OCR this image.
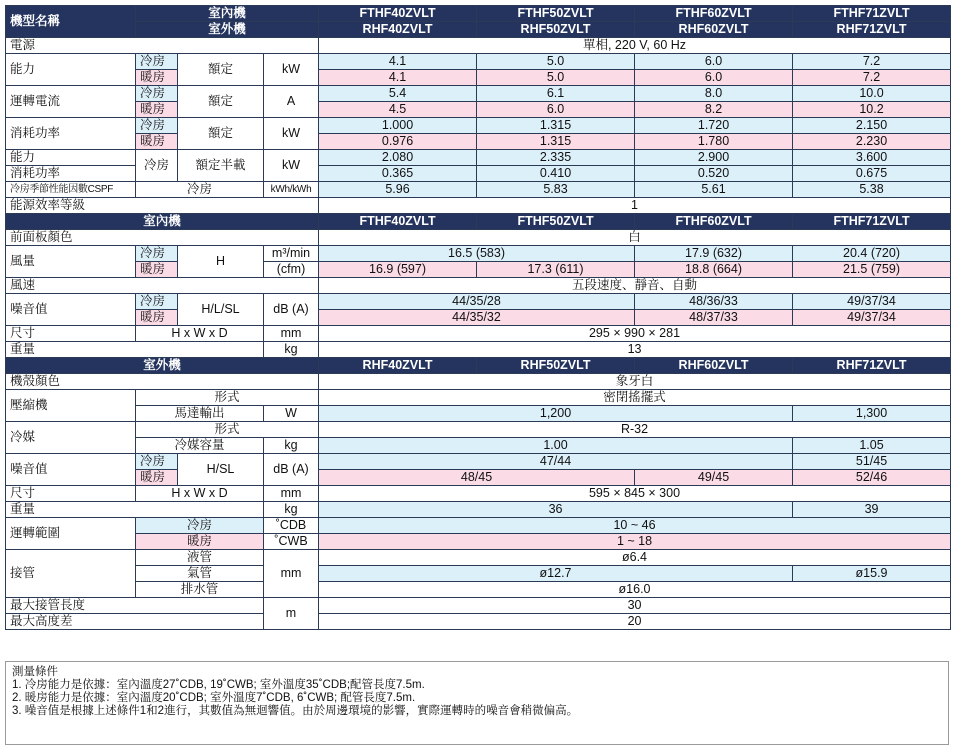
機型名稱	室內機			FTHF40ZVLT	FTHF50ZVLT	FTHF60ZVLT	FTHF71ZVLT
	室外機			RHF40ZVLT	RHF50ZVLT	RHF60ZVLT	RHF71ZVLT
電源				單相, 220 V, 60 Hz			
能力	冷房	額定	kW	4.1	5.0	6.0	7.2
	暖房			4.1	5.0	6.0	7.2
運轉電流	冷房	額定	A	5.4	6.1	8.0	10.0
	暖房			4.5	6.0	8.2	10.2
消耗功率	冷房	額定	kW	1.000	1.315	1.720	2.150
	暖房			0.976	1.315	1.780	2.230
能力	冷房	額定半載	kW	2.080	2.335	2.900	3.600
消耗功率				0.365	0.410	0.520	0.675
冷房季節性能因數CSPF	冷房		kWh/kWh	5.96	5.83	5.61	5.38
能源效率等級				1			
室內機				FTHF40ZVLT	FTHF50ZVLT	FTHF60ZVLT	FTHF71ZVLT
前面板顏色				白			
風量	冷房	H	m³/min	16.5 (583)		17.9 (632)	20.4 (720)
	暖房		(cfm)	16.9 (597)	17.3 (611)	18.8 (664)	21.5 (759)
風速				五段速度、靜音、自動			
噪音值	冷房	H/L/SL	dB (A)	44/35/28		48/36/33	49/37/34
	暖房			44/35/32		48/37/33	49/37/34
尺寸	H x W x D		mm	295 × 990 × 281			
重量			kg	13			
室外機				RHF40ZVLT	RHF50ZVLT	RHF60ZVLT	RHF71ZVLT
機殼顏色				象牙白			
壓縮機	形式			密閉搖擺式			
	馬達輸出		W	1,200			1,300
冷媒	形式			R-32			
	冷媒容量		kg	1.00			1.05
噪音值	冷房	H/SL	dB (A)	47/44			51/45
	暖房			48/45		49/45	52/46
尺寸	H x W x D		mm	595 × 845 × 300			
重量			kg	36			39
運轉範圍	冷房		˚CDB	10 ~ 46			
	暖房		˚CWB	1 ~ 18			
接管	液管		mm	ø6.4			
	氣管			ø12.7			ø15.9
	排水管			ø16.0			
最大接管長度			m	30			
最大高度差				20			
測量條件
1. 冷房能力是依據：室內溫度27˚CDB, 19˚CWB; 室外溫度35˚CDB;配管長度7.5m.
2. 暖房能力是依據：室內溫度20˚CDB; 室外溫度7˚CDB, 6˚CWB; 配管長度7.5m.
3. 噪音值是根據上述條件1和2進行，其數值為無迴響值。由於周邊環境的影響，實際運轉時的噪音會稍微偏高。
